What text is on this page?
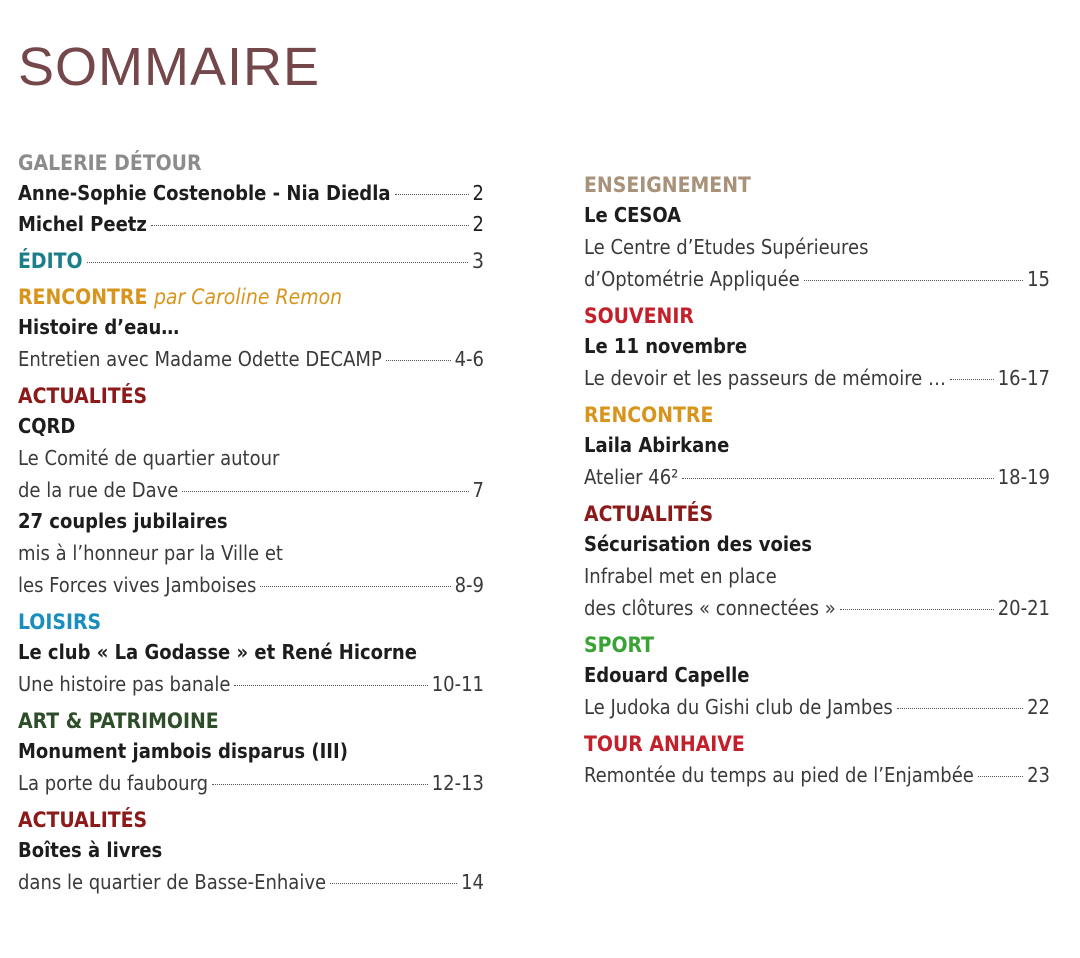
SOMMAIRE
GALERIE DÉTOUR
Anne-Sophie Costenoble - Nia Diedla	2
Michel Peetz	2
ÉDITO	3
RENCONTRE par Caroline Remon
Histoire d’eau…
Entretien avec Madame Odette DECAMP	4-6
ACTUALITÉS
CQRD
Le Comité de quartier autour
de la rue de Dave	7
27 couples jubilaires
mis à l’honneur par la Ville et
les Forces vives Jamboises	8-9
LOISIRS
Le club « La Godasse » et René Hicorne
Une histoire pas banale	10-11
ART & PATRIMOINE
Monument jambois disparus (III)
La porte du faubourg	12-13
ACTUALITÉS
Boîtes à livres
dans le quartier de Basse-Enhaive	14
ENSEIGNEMENT
Le CESOA
Le Centre d’Etudes Supérieures
d’Optométrie Appliquée	15
SOUVENIR
Le 11 novembre
Le devoir et les passeurs de mémoire …	16-17
RENCONTRE
Laila Abirkane
Atelier 46²	18-19
ACTUALITÉS
Sécurisation des voies
Infrabel met en place
des clôtures « connectées »	20-21
SPORT
Edouard Capelle
Le Judoka du Gishi club de Jambes	22
TOUR ANHAIVE
Remontée du temps au pied de l’Enjambée	23
